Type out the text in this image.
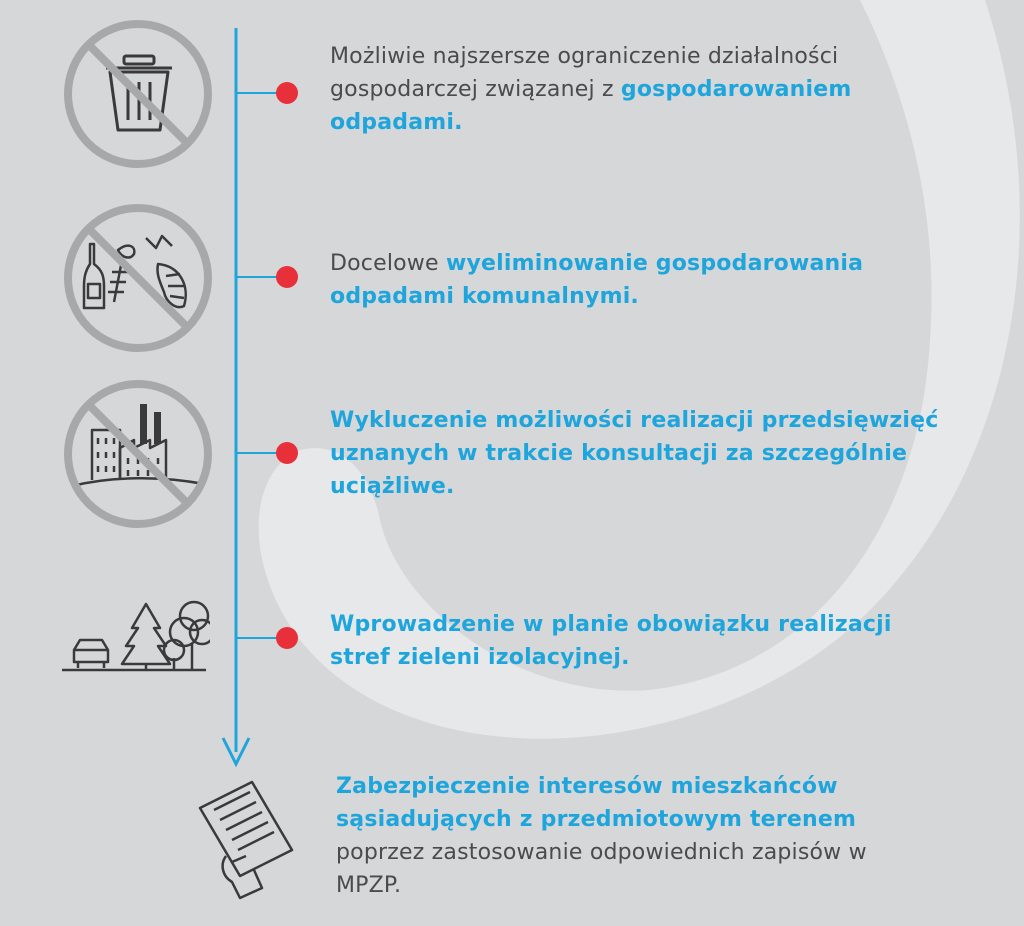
Możliwie najszersze ograniczenie działalności gospodarczej związanej z gospodarowaniem odpadami.

Docelowe wyeliminowanie gospodarowania odpadami komunalnymi.

Wykluczenie możliwości realizacji przedsięwzięć uznanych w trakcie konsultacji za szczególnie uciążliwe.

Wprowadzenie w planie obowiązku realizacji stref zieleni izolacyjnej.

Zabezpieczenie interesów mieszkańców sąsiadujących z przedmiotowym terenem poprzez zastosowanie odpowiednich zapisów w MPZP.
